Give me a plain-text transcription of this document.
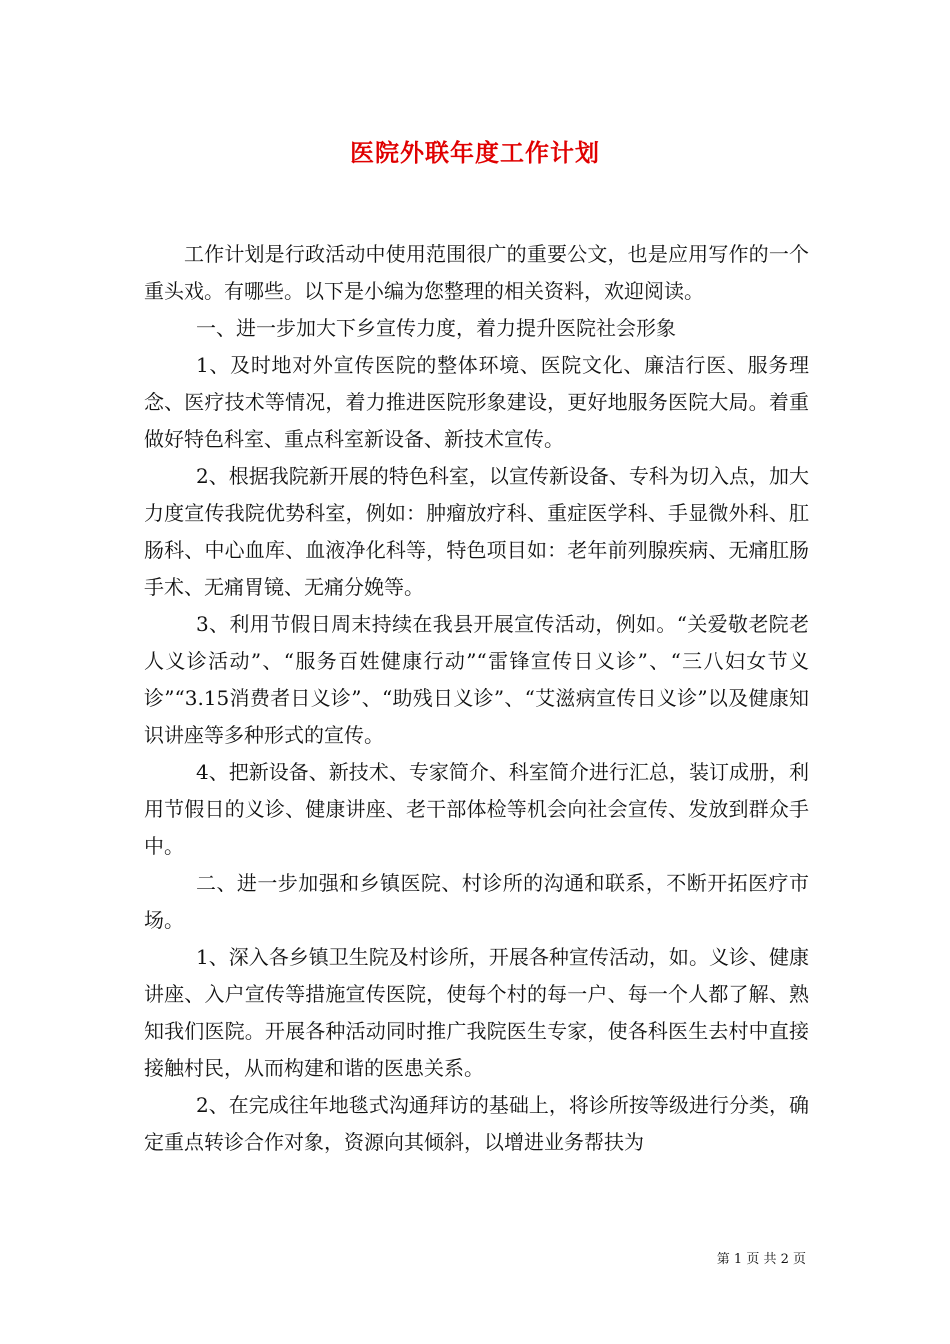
医院外联年度工作计划

工作计划是行政活动中使用范围很广的重要公文，也是应用写作的一个重头戏。有哪些。以下是小编为您整理的相关资料，欢迎阅读。

一、进一步加大下乡宣传力度，着力提升医院社会形象

1、及时地对外宣传医院的整体环境、医院文化、廉洁行医、服务理念、医疗技术等情况，着力推进医院形象建设，更好地服务医院大局。着重做好特色科室、重点科室新设备、新技术宣传。

2、根据我院新开展的特色科室，以宣传新设备、专科为切入点，加大力度宣传我院优势科室，例如：肿瘤放疗科、重症医学科、手显微外科、肛肠科、中心血库、血液净化科等，特色项目如：老年前列腺疾病、无痛肛肠手术、无痛胃镜、无痛分娩等。

3、利用节假日周末持续在我县开展宣传活动，例如。“关爱敬老院老人义诊活动”、“服务百姓健康行动”“雷锋宣传日义诊”、“三八妇女节义诊”“3.15消费者日义诊”、“助残日义诊”、“艾滋病宣传日义诊”以及健康知识讲座等多种形式的宣传。

4、把新设备、新技术、专家简介、科室简介进行汇总，装订成册，利用节假日的义诊、健康讲座、老干部体检等机会向社会宣传、发放到群众手中。

二、进一步加强和乡镇医院、村诊所的沟通和联系，不断开拓医疗市场。

1、深入各乡镇卫生院及村诊所，开展各种宣传活动，如。义诊、健康讲座、入户宣传等措施宣传医院，使每个村的每一户、每一个人都了解、熟知我们医院。开展各种活动同时推广我院医生专家，使各科医生去村中直接接触村民，从而构建和谐的医患关系。

2、在完成往年地毯式沟通拜访的基础上，将诊所按等级进行分类，确定重点转诊合作对象，资源向其倾斜，以增进业务帮扶为

第 1 页 共 2 页
